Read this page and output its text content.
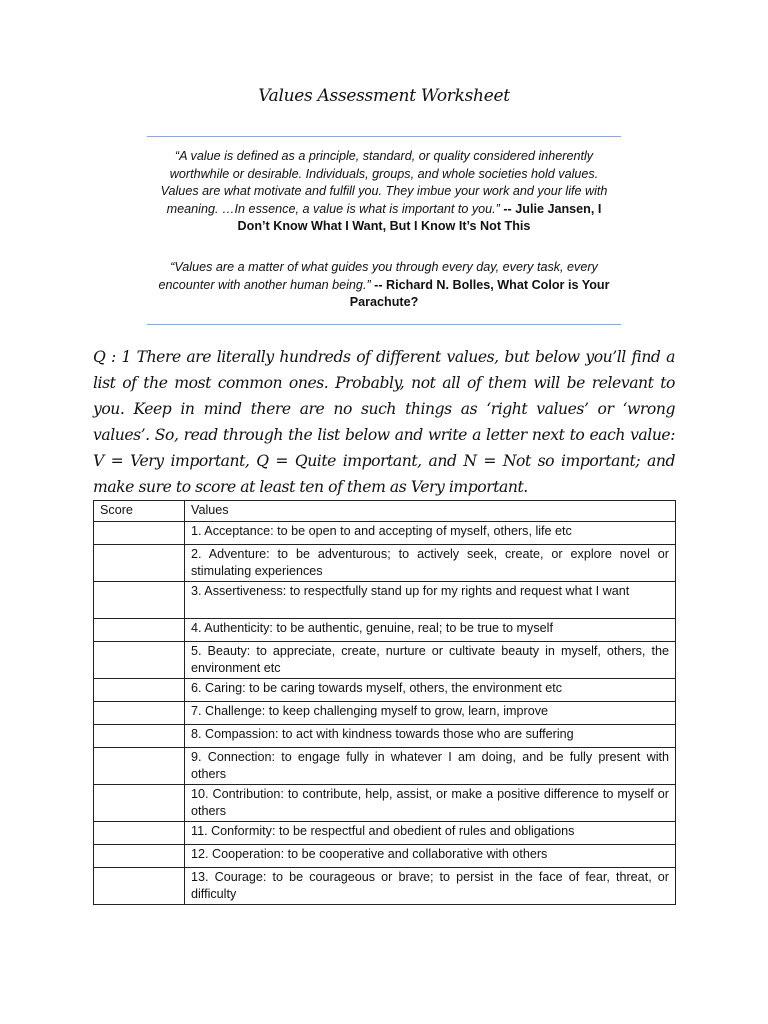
Values Assessment Worksheet
“A value is defined as a principle, standard, or quality considered inherently worthwhile or desirable. Individuals, groups, and whole societies hold values. Values are what motivate and fulfill you. They imbue your work and your life with meaning. …In essence, a value is what is important to you.” -- Julie Jansen, I Don’t Know What I Want, But I Know It’s Not This
“Values are a matter of what guides you through every day, every task, every encounter with another human being.” -- Richard N. Bolles, What Color is Your Parachute?
Q : 1 There are literally hundreds of different values, but below you’ll find a list of the most common ones. Probably, not all of them will be relevant to you. Keep in mind there are no such things as ‘right values’ or ‘wrong values’. So, read through the list below and write a letter next to each value: V = Very important, Q = Quite important, and N = Not so important; and make sure to score at least ten of them as Very important.
Score	Values
	1. Acceptance: to be open to and accepting of myself, others, life etc
	2. Adventure: to be adventurous; to actively seek, create, or explore novel or stimulating experiences
	3. Assertiveness: to respectfully stand up for my rights and request what I want
	4. Authenticity: to be authentic, genuine, real; to be true to myself
	5. Beauty: to appreciate, create, nurture or cultivate beauty in myself, others, the environment etc
	6. Caring: to be caring towards myself, others, the environment etc
	7. Challenge: to keep challenging myself to grow, learn, improve
	8. Compassion: to act with kindness towards those who are suffering
	9. Connection: to engage fully in whatever I am doing, and be fully present with others
	10. Contribution: to contribute, help, assist, or make a positive difference to myself or others
	11. Conformity: to be respectful and obedient of rules and obligations
	12. Cooperation: to be cooperative and collaborative with others
	13. Courage: to be courageous or brave; to persist in the face of fear, threat, or difficulty
